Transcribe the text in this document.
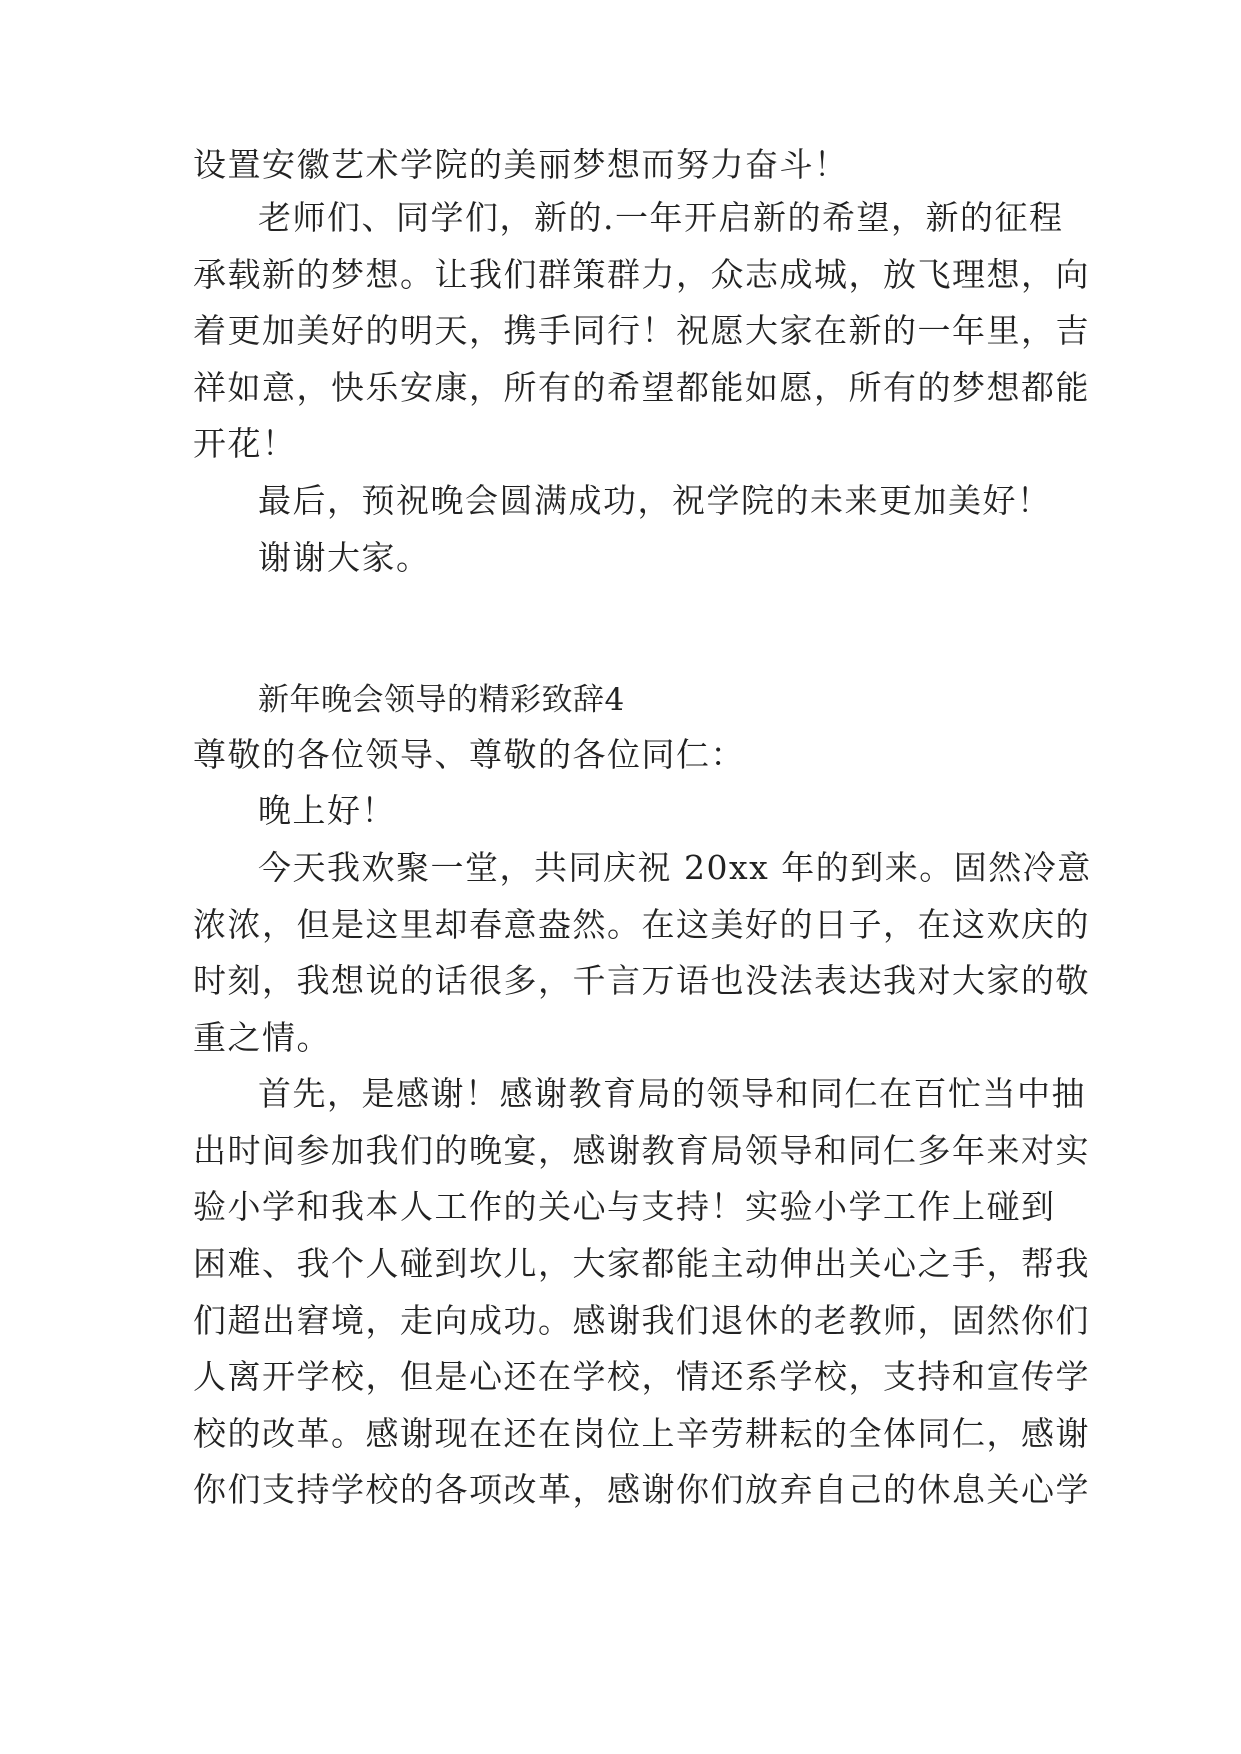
设置安徽艺术学院的美丽梦想而努力奋斗！
老师们、同学们，新的.一年开启新的希望，新的征程
承载新的梦想。让我们群策群力，众志成城，放飞理想，向
着更加美好的明天，携手同行！祝愿大家在新的一年里，吉
祥如意，快乐安康，所有的希望都能如愿，所有的梦想都能
开花！
最后，预祝晚会圆满成功，祝学院的未来更加美好！
谢谢大家。
新年晚会领导的精彩致辞4
尊敬的各位领导、尊敬的各位同仁：
晚上好！
今天我欢聚一堂，共同庆祝 20xx 年的到来。固然冷意
浓浓，但是这里却春意盎然。在这美好的日子，在这欢庆的
时刻，我想说的话很多，千言万语也没法表达我对大家的敬
重之情。
首先，是感谢！感谢教育局的领导和同仁在百忙当中抽
出时间参加我们的晚宴，感谢教育局领导和同仁多年来对实
验小学和我本人工作的关心与支持！实验小学工作上碰到
困难、我个人碰到坎儿，大家都能主动伸出关心之手，帮我
们超出窘境，走向成功。感谢我们退休的老教师，固然你们
人离开学校，但是心还在学校，情还系学校，支持和宣传学
校的改革。感谢现在还在岗位上辛劳耕耘的全体同仁，感谢
你们支持学校的各项改革，感谢你们放弃自己的休息关心学
